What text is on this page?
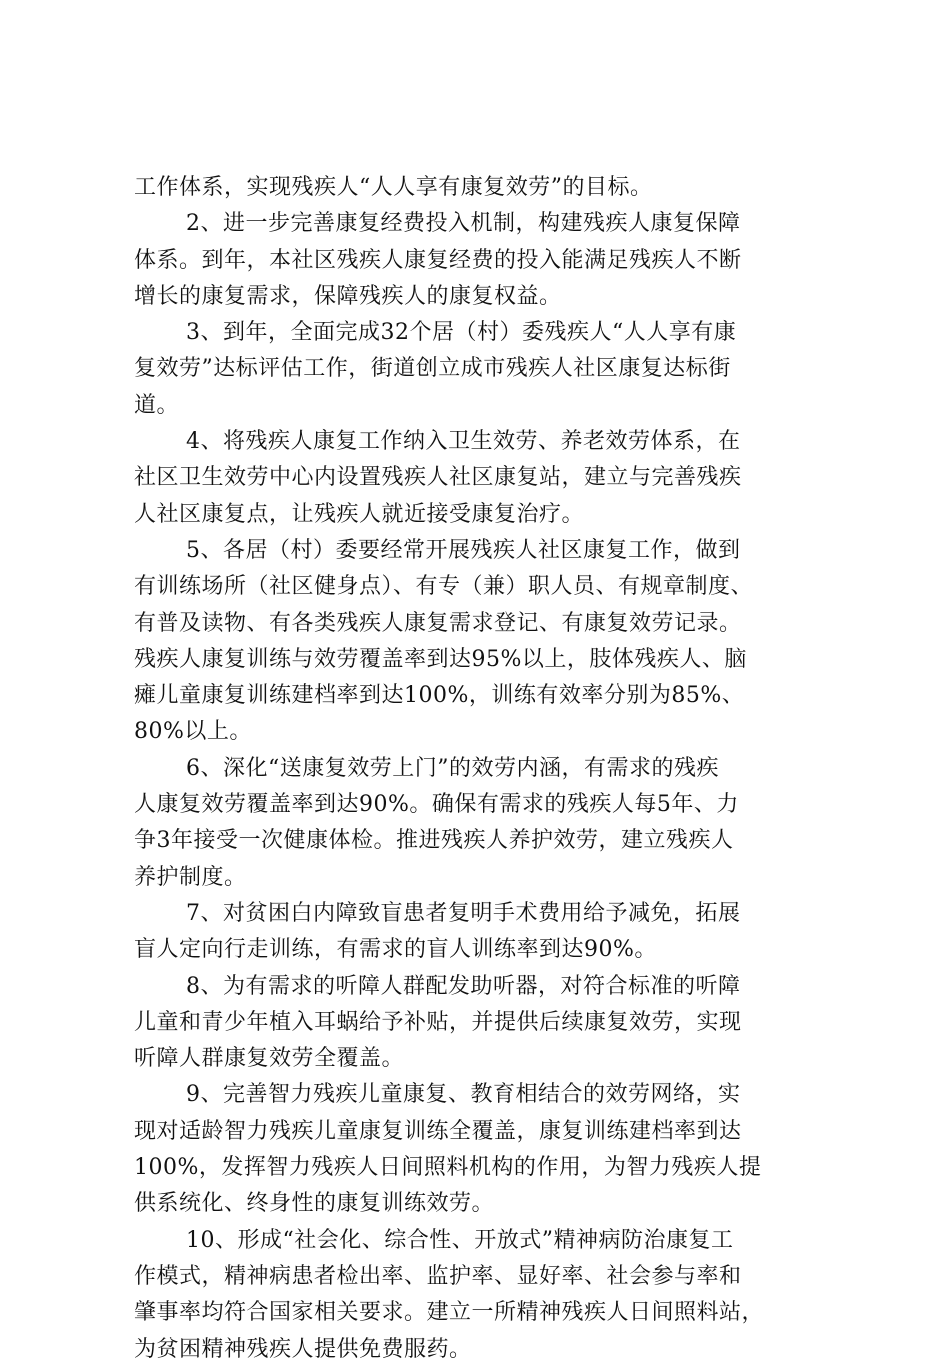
工作体系，实现残疾人“人人享有康复效劳”的目标。
2、进一步完善康复经费投入机制，构建残疾人康复保障
体系。到年，本社区残疾人康复经费的投入能满足残疾人不断
增长的康复需求，保障残疾人的康复权益。
3、到年，全面完成32个居（村）委残疾人“人人享有康
复效劳”达标评估工作，街道创立成市残疾人社区康复达标街
道。
4、将残疾人康复工作纳入卫生效劳、养老效劳体系，在
社区卫生效劳中心内设置残疾人社区康复站，建立与完善残疾
人社区康复点，让残疾人就近接受康复治疗。
5、各居（村）委要经常开展残疾人社区康复工作，做到
有训练场所（社区健身点）、有专（兼）职人员、有规章制度、
有普及读物、有各类残疾人康复需求登记、有康复效劳记录。
残疾人康复训练与效劳覆盖率到达95%以上，肢体残疾人、脑
瘫儿童康复训练建档率到达100%，训练有效率分别为85%、
80%以上。
6、深化“送康复效劳上门”的效劳内涵，有需求的残疾
人康复效劳覆盖率到达90%。确保有需求的残疾人每5年、力
争3年接受一次健康体检。推进残疾人养护效劳，建立残疾人
养护制度。
7、对贫困白内障致盲患者复明手术费用给予减免，拓展
盲人定向行走训练，有需求的盲人训练率到达90%。
8、为有需求的听障人群配发助听器，对符合标准的听障
儿童和青少年植入耳蜗给予补贴，并提供后续康复效劳，实现
听障人群康复效劳全覆盖。
9、完善智力残疾儿童康复、教育相结合的效劳网络，实
现对适龄智力残疾儿童康复训练全覆盖，康复训练建档率到达
100%，发挥智力残疾人日间照料机构的作用，为智力残疾人提
供系统化、终身性的康复训练效劳。
10、形成“社会化、综合性、开放式”精神病防治康复工
作模式，精神病患者检出率、监护率、显好率、社会参与率和
肇事率均符合国家相关要求。建立一所精神残疾人日间照料站，
为贫困精神残疾人提供免费服药。
